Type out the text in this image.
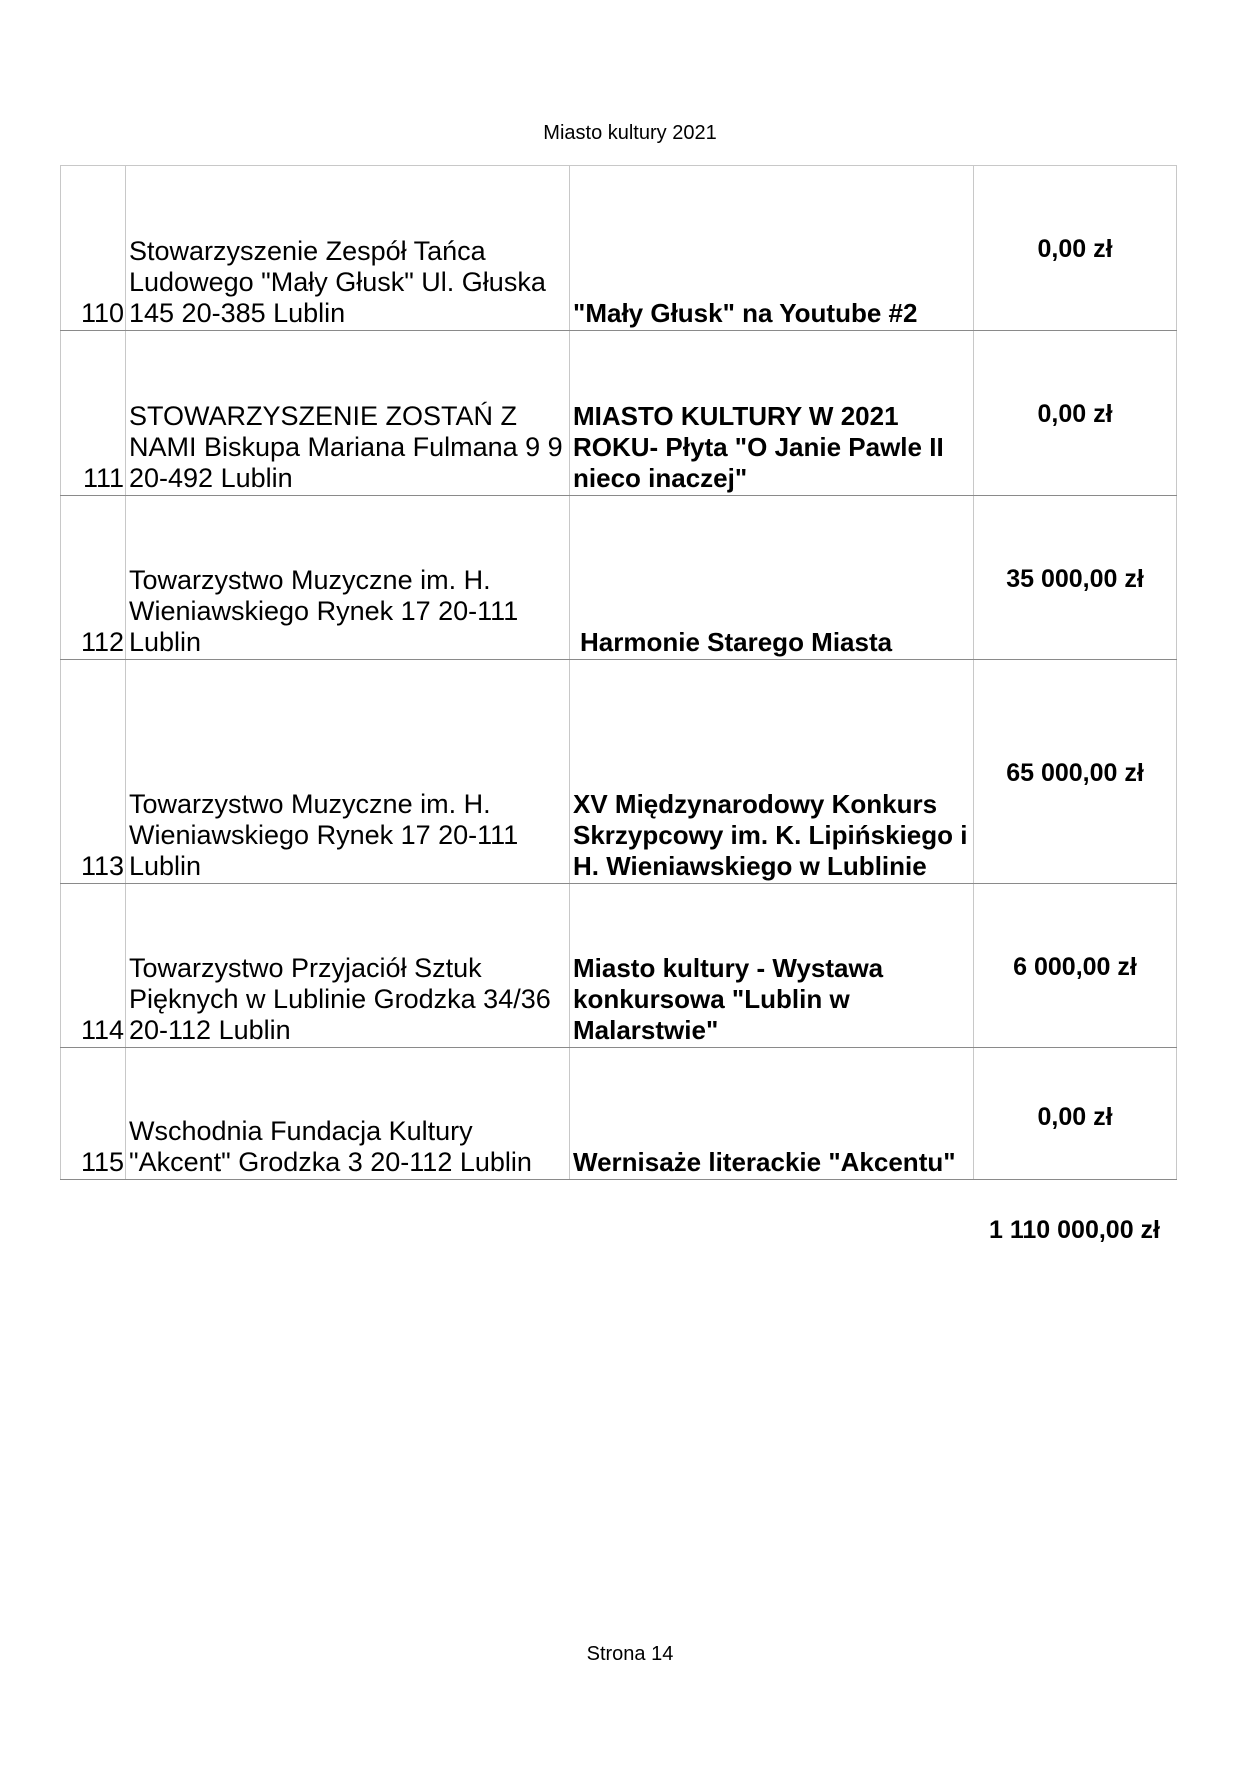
Miasto kultury 2021
110	Stowarzyszenie Zespół Tańca Ludowego "Mały Głusk" Ul. Głuska 145 20-385 Lublin	"Mały Głusk" na Youtube #2	0,00 zł
111	STOWARZYSZENIE ZOSTAŃ Z NAMI Biskupa Mariana Fulmana 9 9 20-492 Lublin	MIASTO KULTURY W 2021 ROKU- Płyta "O Janie Pawle II nieco inaczej"	0,00 zł
112	Towarzystwo Muzyczne im. H. Wieniawskiego Rynek 17 20-111 Lublin	Harmonie Starego Miasta	35 000,00 zł
113	Towarzystwo Muzyczne im. H. Wieniawskiego Rynek 17 20-111 Lublin	XV Międzynarodowy Konkurs Skrzypcowy im. K. Lipińskiego i H. Wieniawskiego w Lublinie	65 000,00 zł
114	Towarzystwo Przyjaciół Sztuk Pięknych w Lublinie Grodzka 34/36 20-112 Lublin	Miasto kultury - Wystawa konkursowa "Lublin w Malarstwie"	6 000,00 zł
115	Wschodnia Fundacja Kultury "Akcent" Grodzka 3 20-112 Lublin	Wernisaże literackie "Akcentu"	0,00 zł
1 110 000,00 zł
Strona 14
